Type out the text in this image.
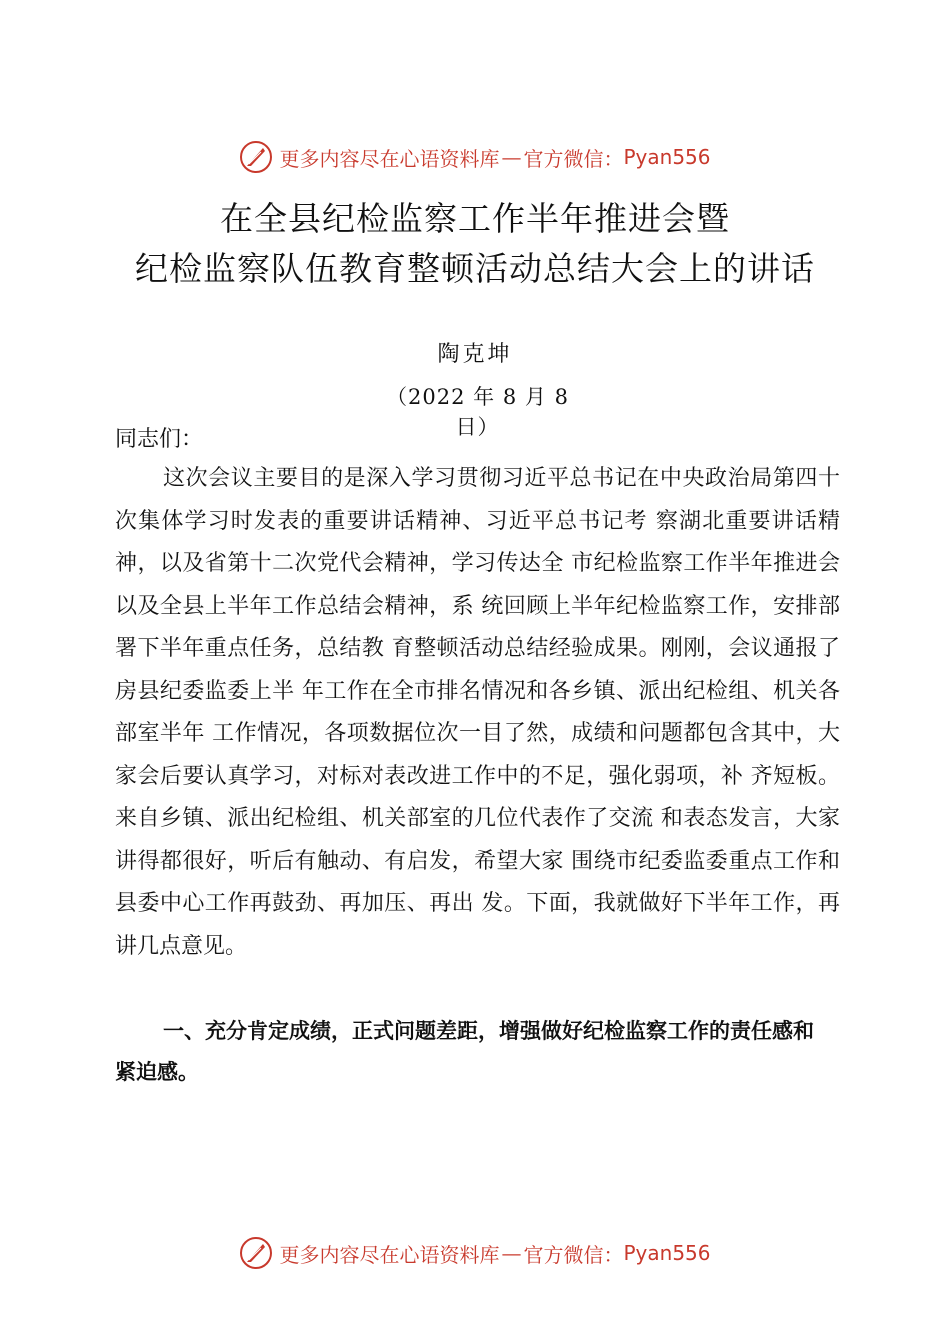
更多内容尽在心语资料库 — 官方微信： Pyan556
在全县纪检监察工作半年推进会暨
纪检监察队伍教育整顿活动总结大会上的讲话
陶克坤
（2022 年 8 月 8 日）
同志们：

这次会议主要目的是深入学习贯彻习近平总书记在中央政治局第四十次集体学习时发表的重要讲话精神、习近平总书记考 察湖北重要讲话精神，以及省第十二次党代会精神，学习传达全 市纪检监察工作半年推进会以及全县上半年工作总结会精神，系 统回顾上半年纪检监察工作，安排部署下半年重点任务，总结教 育整顿活动总结经验成果。刚刚，会议通报了房县纪委监委上半 年工作在全市排名情况和各乡镇、派出纪检组、机关各部室半年 工作情况，各项数据位次一目了然，成绩和问题都包含其中，大 家会后要认真学习，对标对表改进工作中的不足，强化弱项，补 齐短板。来自乡镇、派出纪检组、机关部室的几位代表作了交流 和表态发言，大家讲得都很好，听后有触动、有启发，希望大家 围绕市纪委监委重点工作和县委中心工作再鼓劲、再加压、再出 发。下面，我就做好下半年工作，再讲几点意见。

一、充分肯定成绩，正式问题差距，增强做好纪检监察工作的责任感和紧迫感。

更多内容尽在心语资料库 — 官方微信： Pyan556
